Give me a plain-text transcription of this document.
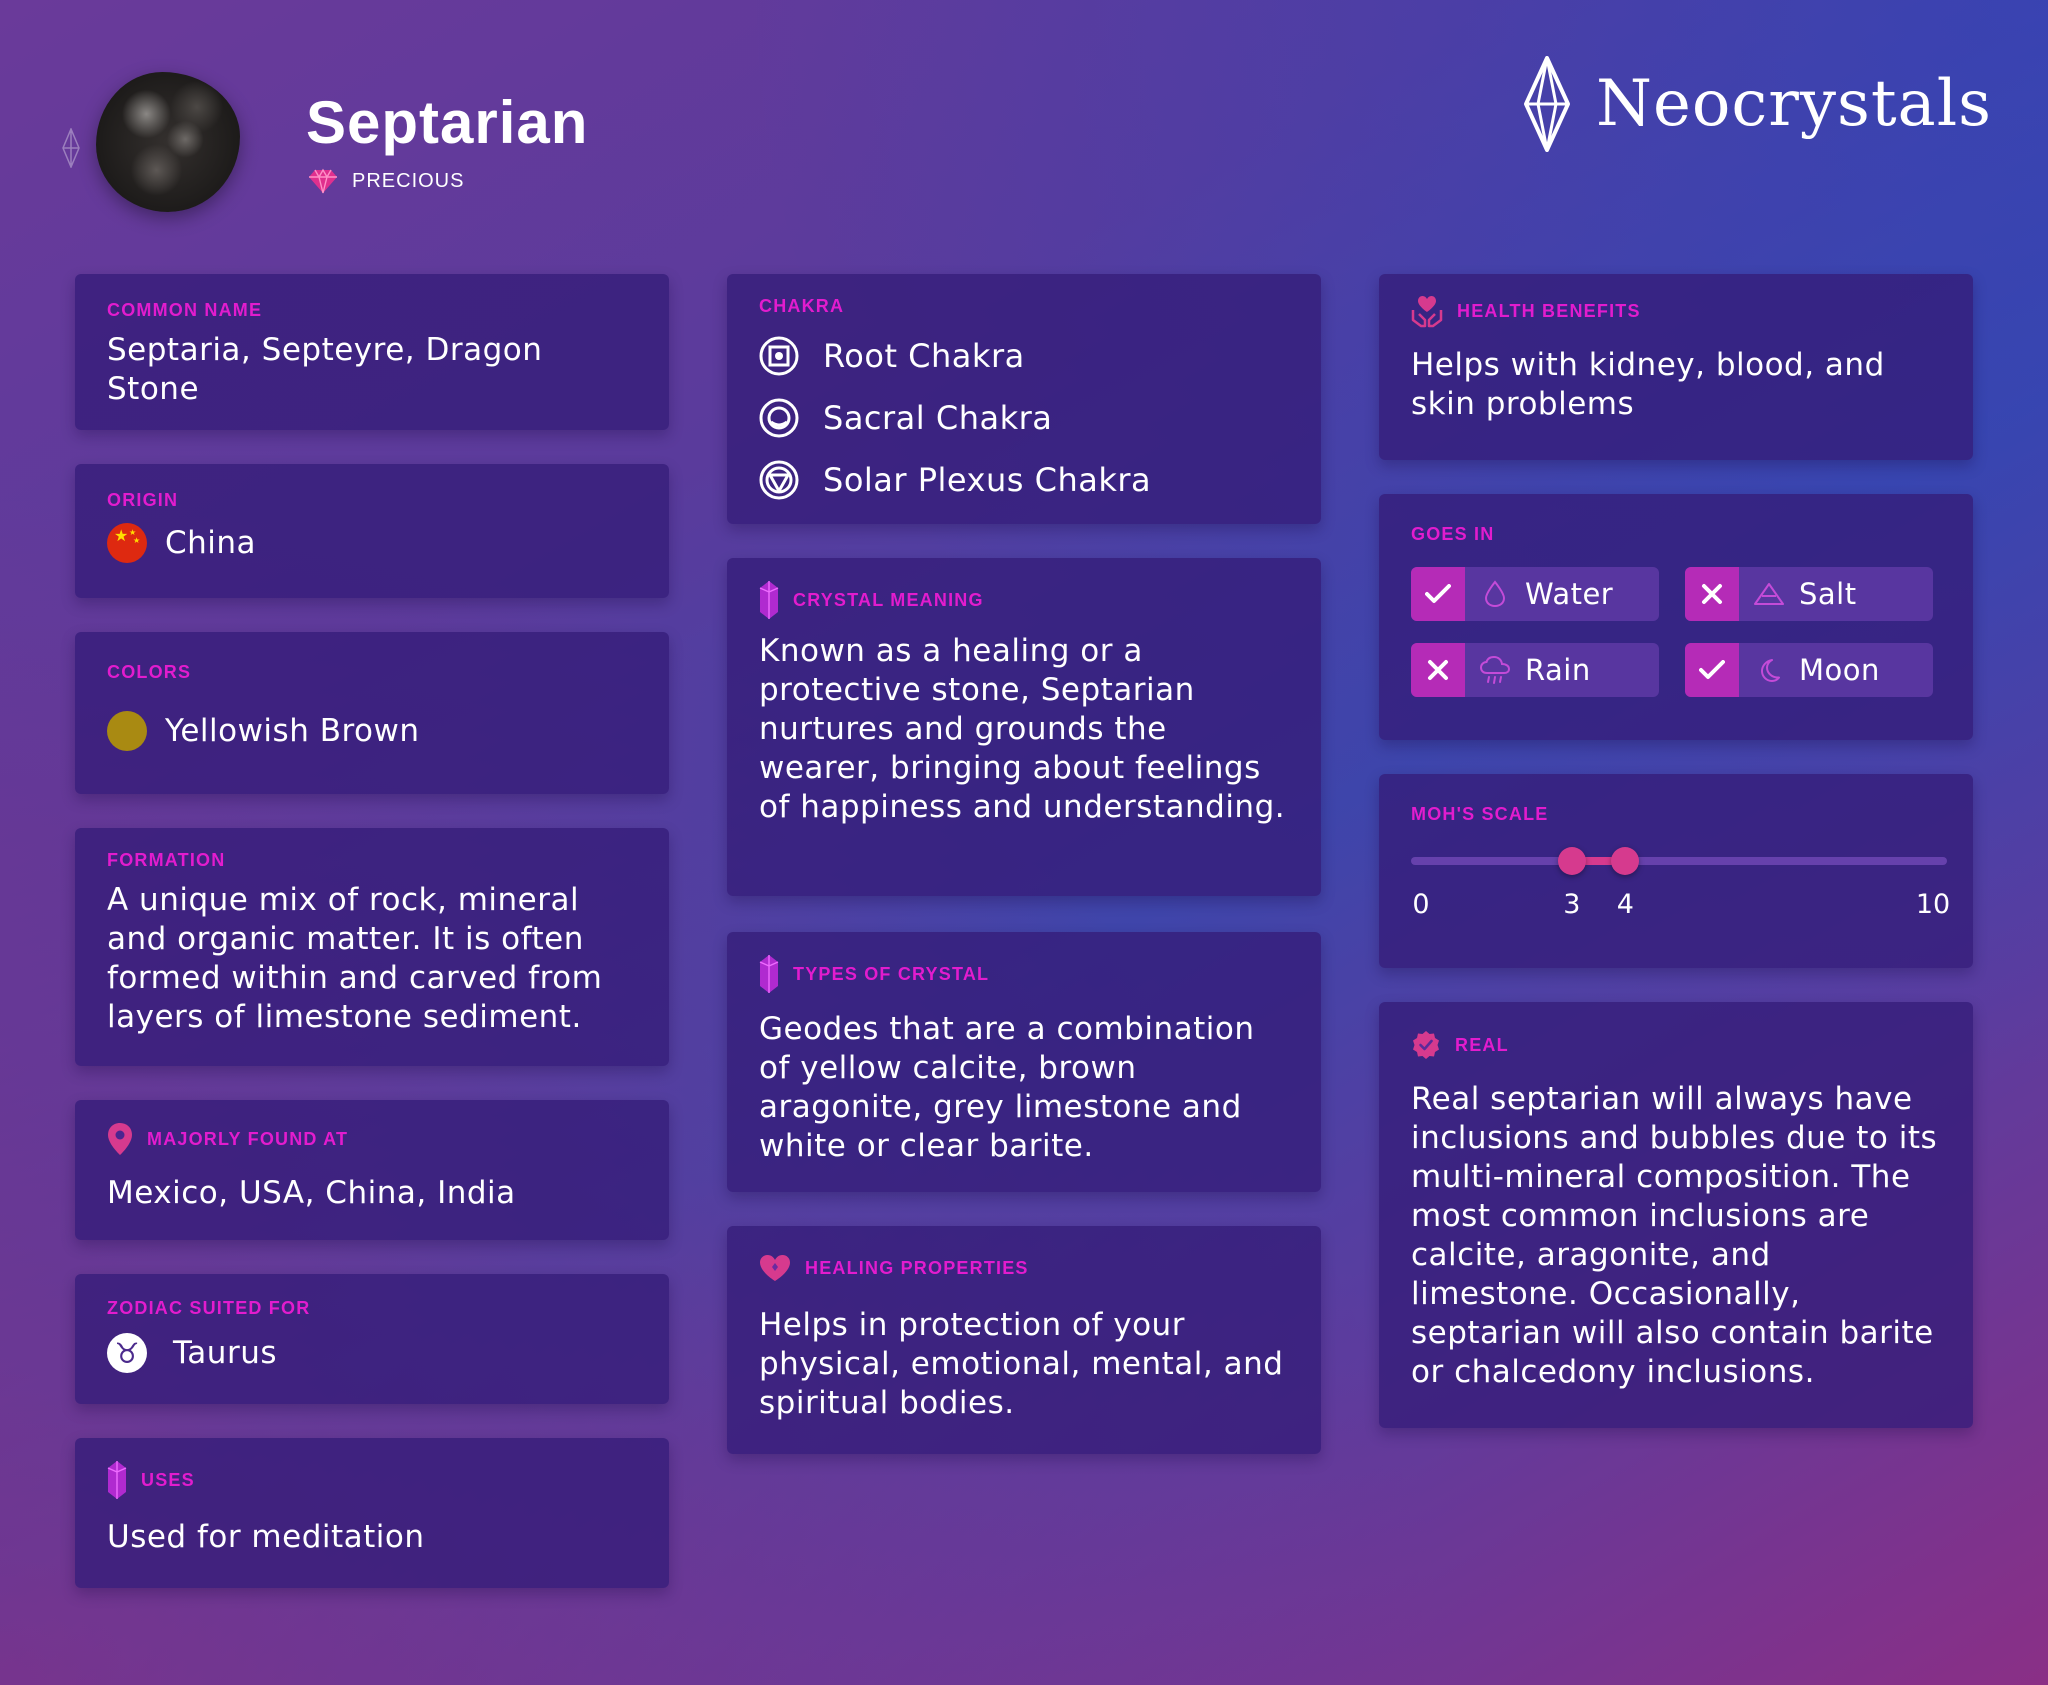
Septarian
PRECIOUS
Neocrystals
COMMON NAME
Septaria, Septeyre, Dragon Stone
ORIGIN
★ ★
★ China
COLORS
Yellowish Brown
FORMATION
A unique mix of rock, mineral and organic matter. It is often formed within and carved from layers of limestone sediment.
MAJORLY FOUND AT
Mexico, USA, China, India
ZODIAC SUITED FOR
♉ Taurus
USES
Used for meditation
CHAKRA
Root Chakra
Sacral Chakra
Solar Plexus Chakra
CRYSTAL MEANING
Known as a healing or a protective stone, Septarian nurtures and grounds the wearer, bringing about feelings of happiness and understanding.
TYPES OF CRYSTAL
Geodes that are a combination of yellow calcite, brown aragonite, grey limestone and white or clear barite.
HEALING PROPERTIES
Helps in protection of your physical, emotional, mental, and spiritual bodies.
HEALTH BENEFITS
Helps with kidney, blood, and skin problems
GOES IN
Water	Salt
Rain	Moon
MOH'S SCALE
0	3 4	10
REAL
Real septarian will always have inclusions and bubbles due to its multi-mineral composition. The most common inclusions are calcite, aragonite, and limestone. Occasionally, septarian will also contain barite or chalcedony inclusions.
